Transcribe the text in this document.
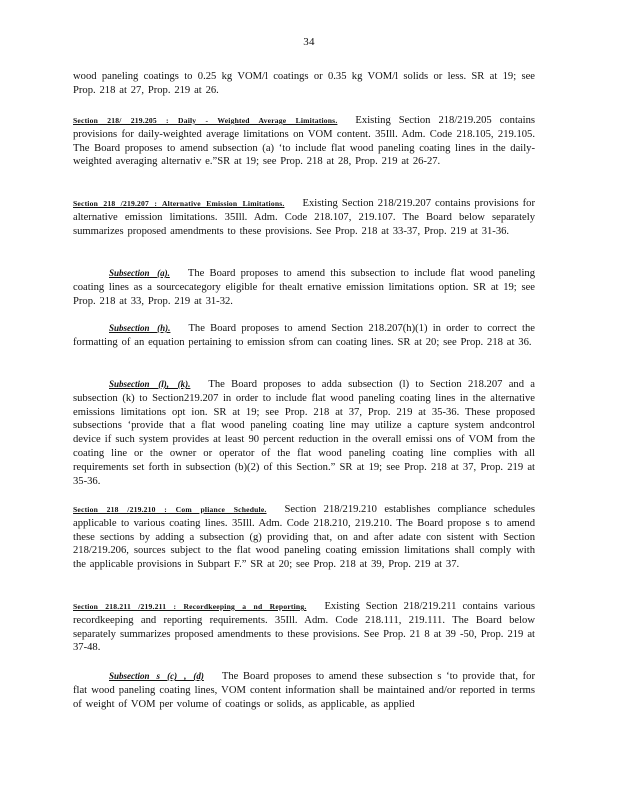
34

wood paneling coatings to 0.25 kg VOM/l coatings or 0.35 kg VOM/l solids or less. SR at 19; see Prop. 218 at 27, Prop. 219 at 26.

Section 218/ 219.205 : Daily - Weighted Average Limitations. Existing Section 218/219.205 contains provisions for daily-weighted average limitations on VOM content. 35Ill. Adm. Code 218.105, 219.105. The Board proposes to amend subsection (a) ‘to include flat wood paneling coating lines in the daily-weighted averaging alternativ e.”SR at 19; see Prop. 218 at 28, Prop. 219 at 26-27.

Section 218 /219.207 : Alternative Emission Limitations. Existing Section 218/219.207 contains provisions for alternative emission limitations. 35Ill. Adm. Code 218.107, 219.107. The Board below separately summarizes proposed amendments to these provisions. See Prop. 218 at 33-37, Prop. 219 at 31-36.

Subsection (a). The Board proposes to amend this subsection to include flat wood paneling coating lines as a sourcecategory eligible for thealt ernative emission limitations option. SR at 19; see Prop. 218 at 33, Prop. 219 at 31-32.

Subsection (h). The Board proposes to amend Section 218.207(h)(1) in order to correct the formatting of an equation pertaining to emission sfrom can coating lines. SR at 20; see Prop. 218 at 36.

Subsection (l), (k). The Board proposes to adda subsection (l) to Section 218.207 and a subsection (k) to Section219.207 in order to include flat wood paneling coating lines in the alternative emissions limitations opt ion. SR at 19; see Prop. 218 at 37, Prop. 219 at 35-36. These proposed subsections ‘provide that a flat wood paneling coating line may utilize a capture system andcontrol device if such system provides at least 90 percent reduction in the overall emissi ons of VOM from the coating line or the owner or operator of the flat wood paneling coating line complies with all requirements set forth in subsection (b)(2) of this Section.” SR at 19; see Prop. 218 at 37, Prop. 219 at 35-36.

Section 218 /219.210 : Com pliance Schedule. Section 218/219.210 establishes compliance schedules applicable to various coating lines. 35Ill. Adm. Code 218.210, 219.210. The Board propose s to amend these sections by adding a subsection (g) providing that, on and after adate con sistent with Section 218/219.206, sources subject to the flat wood paneling coating emission limitations shall comply with the applicable provisions in Subpart F.” SR at 20; see Prop. 218 at 39, Prop. 219 at 37.

Section 218.211 /219.211 : Recordkeeping a nd Reporting. Existing Section 218/219.211 contains various recordkeeping and reporting requirements. 35Ill. Adm. Code 218.111, 219.111. The Board below separately summarizes proposed amendments to these provisions. See Prop. 21 8 at 39 -50, Prop. 219 at 37-48.

Subsection s (c) , (d) The Board proposes to amend these subsection s ‘to provide that, for flat wood paneling coating lines, VOM content information shall be maintained and/or reported in terms of weight of VOM per volume of coatings or solids, as applicable, as applied
